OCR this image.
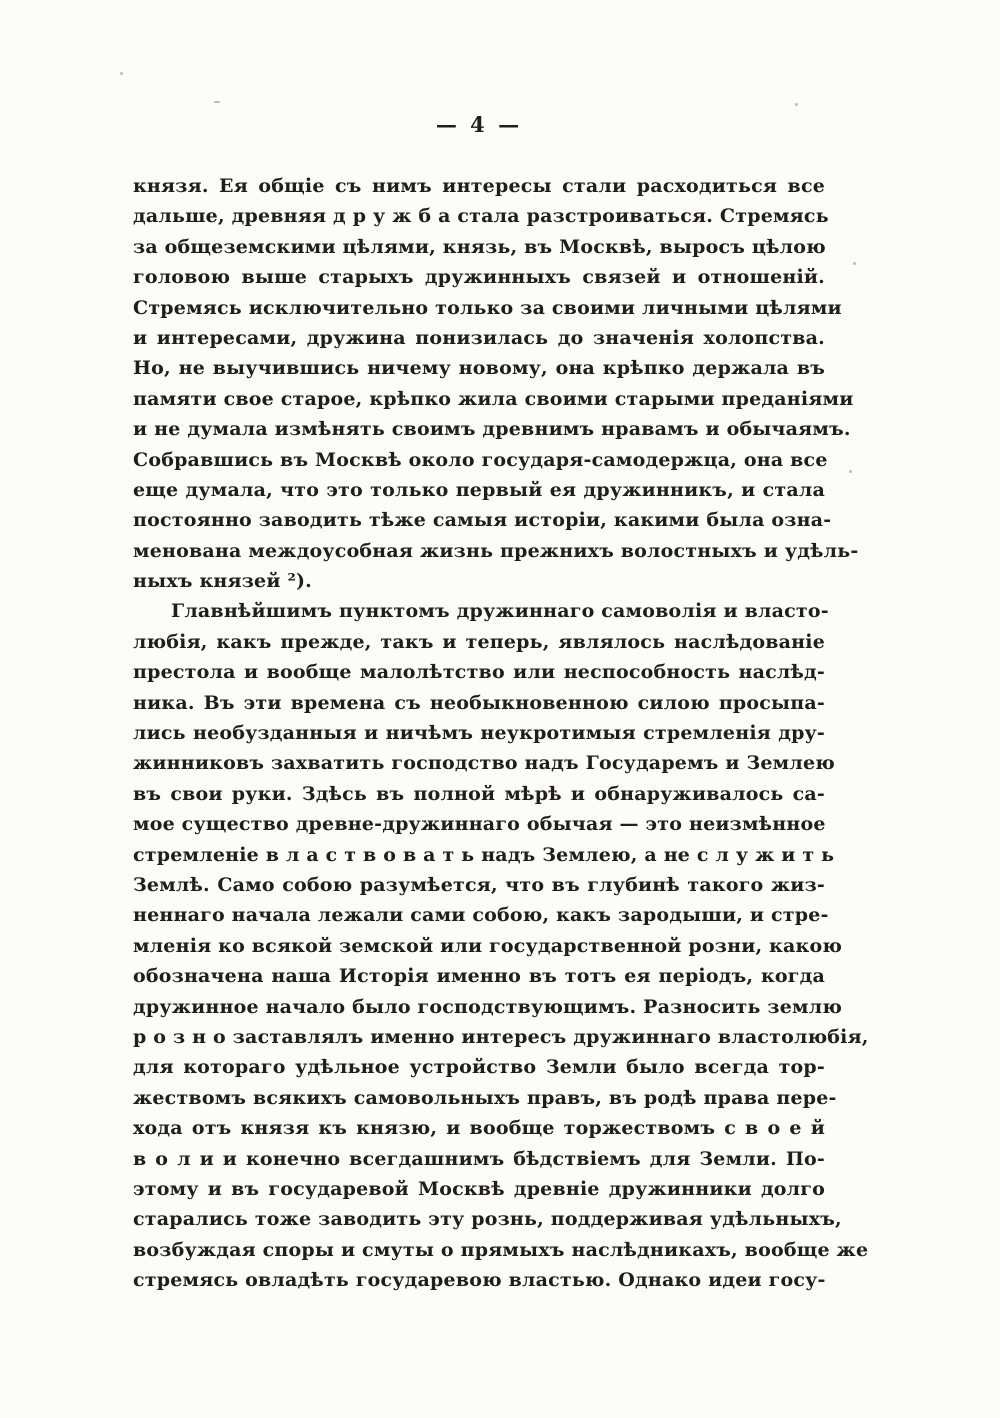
— 4 —
князя. Ея общіе съ нимъ интересы стали расходиться все
дальше, древняя д р у ж б а стала разстроиваться. Стремясь
за общеземскими цѣлями, князь, въ Москвѣ, выросъ цѣлою
головою выше старыхъ дружинныхъ связей и отношеній.
Стремясь исключительно только за своими личными цѣлями
и интересами, дружина понизилась до значенія холопства.
Но, не выучившись ничему новому, она крѣпко держала въ
памяти свое старое, крѣпко жила своими старыми преданіями
и не думала измѣнять своимъ древнимъ нравамъ и обычаямъ.
Собравшись въ Москвѣ около государя-самодержца, она все
еще думала, что это только первый ея дружинникъ, и стала
постоянно заводить тѣже самыя исторіи, какими была озна-
менована междоусобная жизнь прежнихъ волостныхъ и удѣль-
ныхъ князей ²).
Главнѣйшимъ пунктомъ дружиннаго самоволія и власто-
любія, какъ прежде, такъ и теперь, являлось наслѣдованіе
престола и вообще малолѣтство или неспособность наслѣд-
ника. Въ эти времена съ необыкновенною силою просыпа-
лись необузданныя и ничѣмъ неукротимыя стремленія дру-
жинниковъ захватить господство надъ Государемъ и Землею
въ свои руки. Здѣсь въ полной мѣрѣ и обнаруживалось са-
мое существо древне-дружиннаго обычая — это неизмѣнное
стремленіе в л а с т в о в а т ь надъ Землею, а не с л у ж и т ь
Землѣ. Само собою разумѣется, что въ глубинѣ такого жиз-
неннаго начала лежали сами собою, какъ зародыши, и стре-
мленія ко всякой земской или государственной розни, какою
обозначена наша Исторія именно въ тотъ ея періодъ, когда
дружинное начало было господствующимъ. Разносить землю
р о з н о заставлялъ именно интересъ дружиннаго властолюбія,
для котораго удѣльное устройство Земли было всегда тор-
жествомъ всякихъ самовольныхъ правъ, въ родѣ права пере-
хода отъ князя къ князю, и вообще торжествомъ с в о е й
в о л и и конечно всегдашнимъ бѣдствіемъ для Земли. По-
этому и въ государевой Москвѣ древніе дружинники долго
старались тоже заводить эту рознь, поддерживая удѣльныхъ,
возбуждая споры и смуты о прямыхъ наслѣдникахъ, вообще же
стремясь овладѣть государевою властью. Однако идеи госу-
